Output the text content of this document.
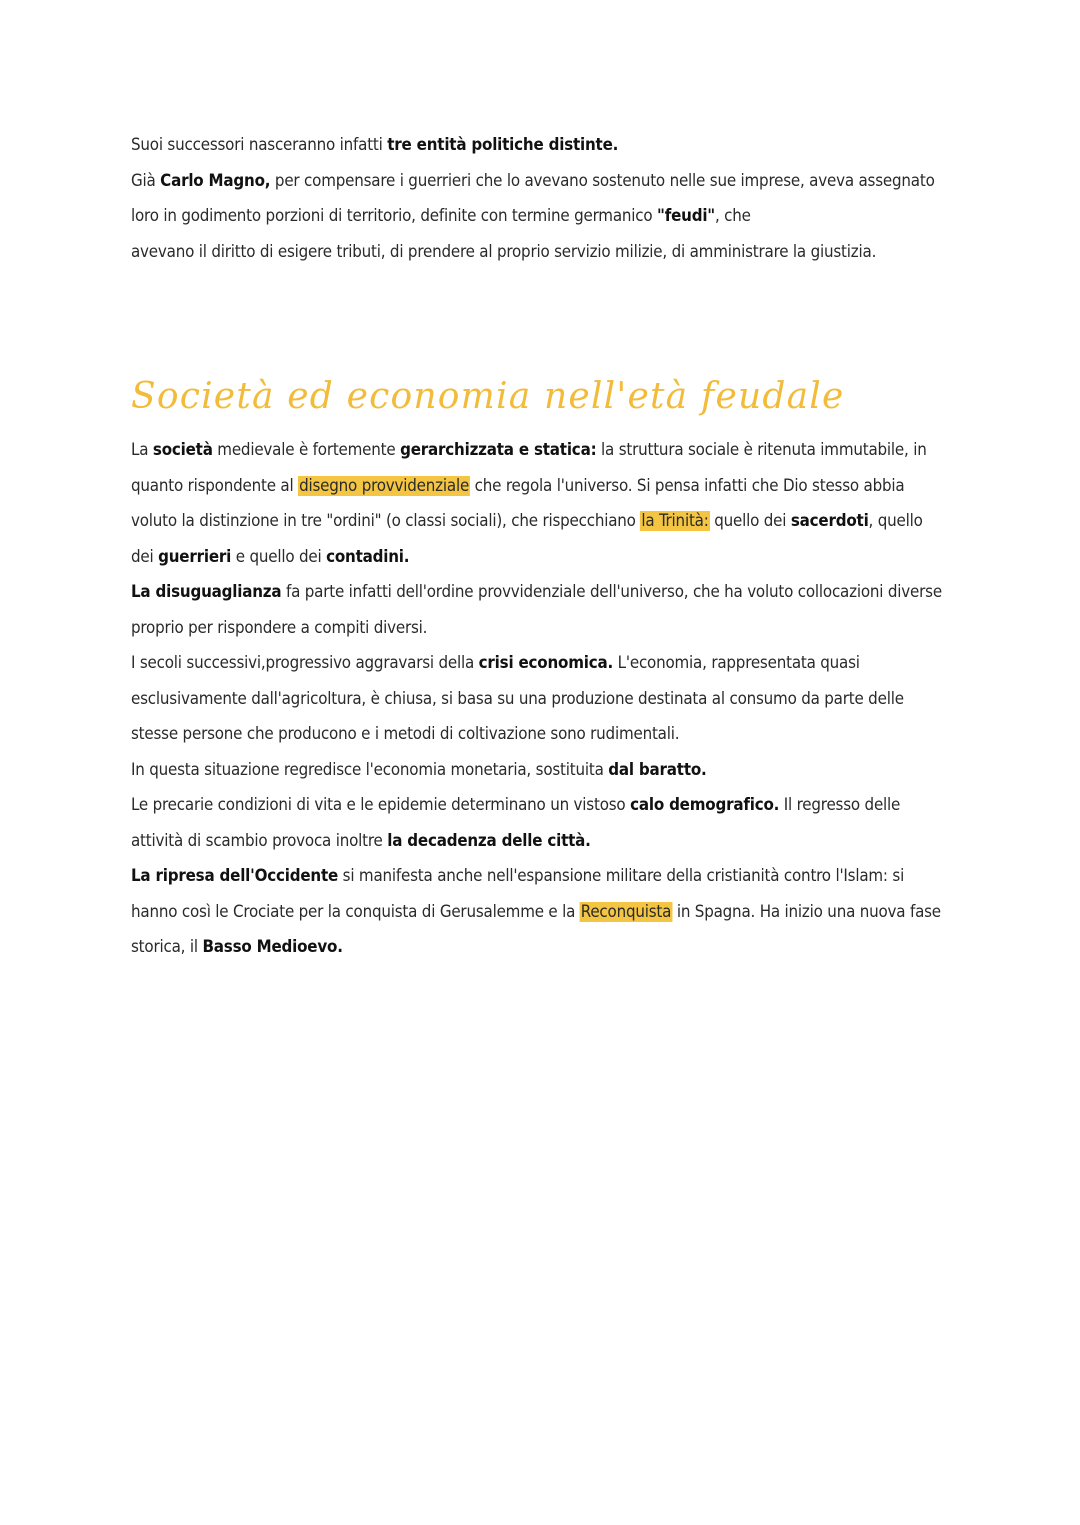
Suoi successori nasceranno infatti tre entità politiche distinte.
Già Carlo Magno, per compensare i guerrieri che lo avevano sostenuto nelle sue imprese, aveva assegnato
loro in godimento porzioni di territorio, definite con termine germanico "feudi", che
avevano il diritto di esigere tributi, di prendere al proprio servizio milizie, di amministrare la giustizia.
Società ed economia nell'età feudale
La società medievale è fortemente gerarchizzata e statica: la struttura sociale è ritenuta immutabile, in
quanto rispondente al disegno provvidenziale che regola l'universo. Si pensa infatti che Dio stesso abbia
voluto la distinzione in tre "ordini" (o classi sociali), che rispecchiano la Trinità: quello dei sacerdoti, quello
dei guerrieri e quello dei contadini.
La disuguaglianza fa parte infatti dell'ordine provvidenziale dell'universo, che ha voluto collocazioni diverse
proprio per rispondere a compiti diversi.
I secoli successivi,progressivo aggravarsi della crisi economica. L'economia, rappresentata quasi
esclusivamente dall'agricoltura, è chiusa, si basa su una produzione destinata al consumo da parte delle
stesse persone che producono e i metodi di coltivazione sono rudimentali.
In questa situazione regredisce l'economia monetaria, sostituita dal baratto.
Le precarie condizioni di vita e le epidemie determinano un vistoso calo demografico. Il regresso delle
attività di scambio provoca inoltre la decadenza delle città.
La ripresa dell'Occidente si manifesta anche nell'espansione militare della cristianità contro l'Islam: si
hanno così le Crociate per la conquista di Gerusalemme e la Reconquista in Spagna. Ha inizio una nuova fase
storica, il Basso Medioevo.
